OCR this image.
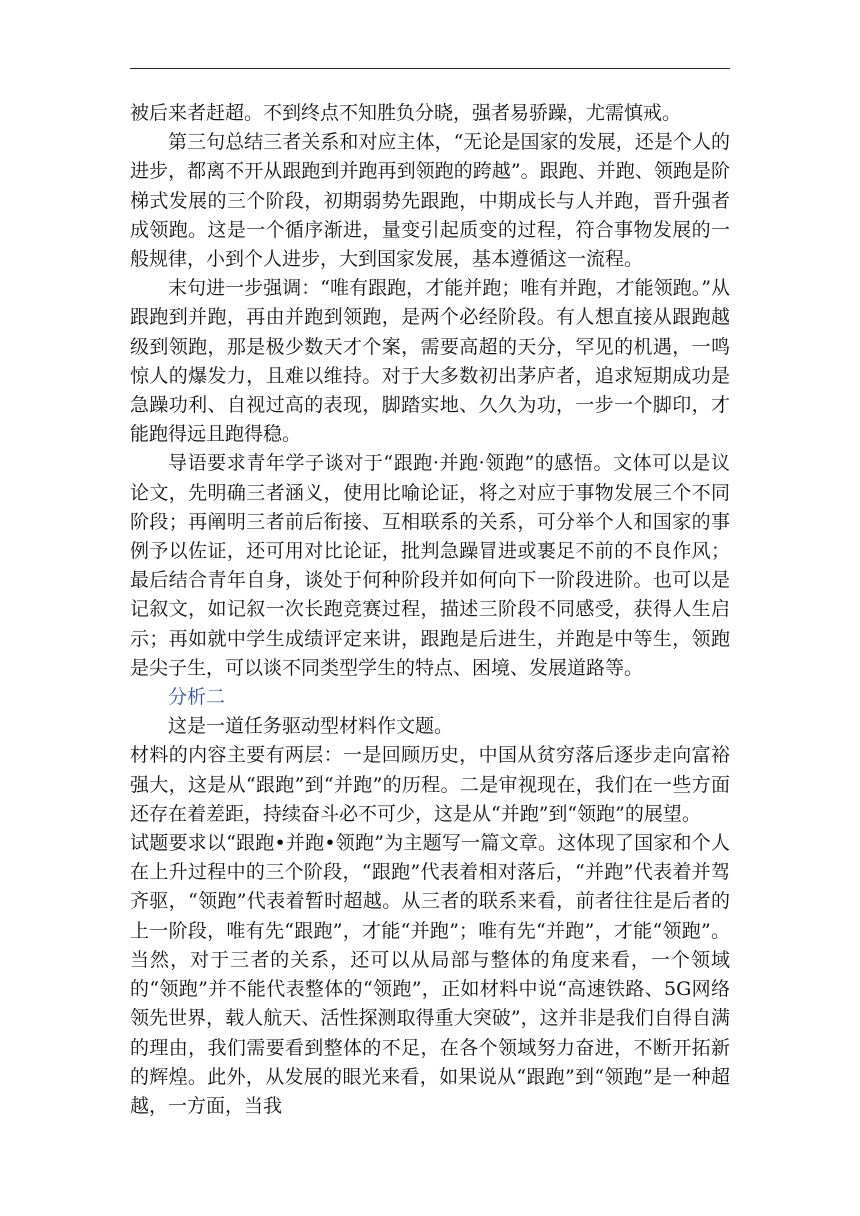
被后来者赶超。不到终点不知胜负分晓，强者易骄躁，尤需慎戒。

第三句总结三者关系和对应主体，“无论是国家的发展，还是个人的进步，都离不开从跟跑到并跑再到领跑的跨越”。跟跑、并跑、领跑是阶梯式发展的三个阶段，初期弱势先跟跑，中期成长与人并跑，晋升强者成领跑。这是一个循序渐进，量变引起质变的过程，符合事物发展的一般规律，小到个人进步，大到国家发展，基本遵循这一流程。

末句进一步强调：“唯有跟跑，才能并跑；唯有并跑，才能领跑。”从跟跑到并跑，再由并跑到领跑，是两个必经阶段。有人想直接从跟跑越级到领跑，那是极少数天才个案，需要高超的天分，罕见的机遇，一鸣惊人的爆发力，且难以维持。对于大多数初出茅庐者，追求短期成功是急躁功利、自视过高的表现，脚踏实地、久久为功，一步一个脚印，才能跑得远且跑得稳。

导语要求青年学子谈对于“跟跑·并跑·领跑”的感悟。文体可以是议论文，先明确三者涵义，使用比喻论证，将之对应于事物发展三个不同阶段；再阐明三者前后衔接、互相联系的关系，可分举个人和国家的事例予以佐证，还可用对比论证，批判急躁冒进或裹足不前的不良作风；最后结合青年自身，谈处于何种阶段并如何向下一阶段进阶。也可以是记叙文，如记叙一次长跑竞赛过程，描述三阶段不同感受，获得人生启示；再如就中学生成绩评定来讲，跟跑是后进生，并跑是中等生，领跑是尖子生，可以谈不同类型学生的特点、困境、发展道路等。

分析二

这是一道任务驱动型材料作文题。

材料的内容主要有两层：一是回顾历史，中国从贫穷落后逐步走向富裕强大，这是从“跟跑”到“并跑”的历程。二是审视现在，我们在一些方面还存在着差距，持续奋斗必不可少，这是从“并跑”到“领跑”的展望。

试题要求以“跟跑•并跑•领跑”为主题写一篇文章。这体现了国家和个人在上升过程中的三个阶段，“跟跑”代表着相对落后，“并跑”代表着并驾齐驱，“领跑”代表着暂时超越。从三者的联系来看，前者往往是后者的上一阶段，唯有先“跟跑”，才能“并跑”；唯有先“并跑”，才能“领跑”。当然，对于三者的关系，还可以从局部与整体的角度来看，一个领域的“领跑”并不能代表整体的“领跑”，正如材料中说“高速铁路、5G网络领先世界，载人航天、活性探测取得重大突破”，这并非是我们自得自满的理由，我们需要看到整体的不足，在各个领域努力奋进，不断开拓新的辉煌。此外，从发展的眼光来看，如果说从“跟跑”到“领跑”是一种超越，一方面，当我
